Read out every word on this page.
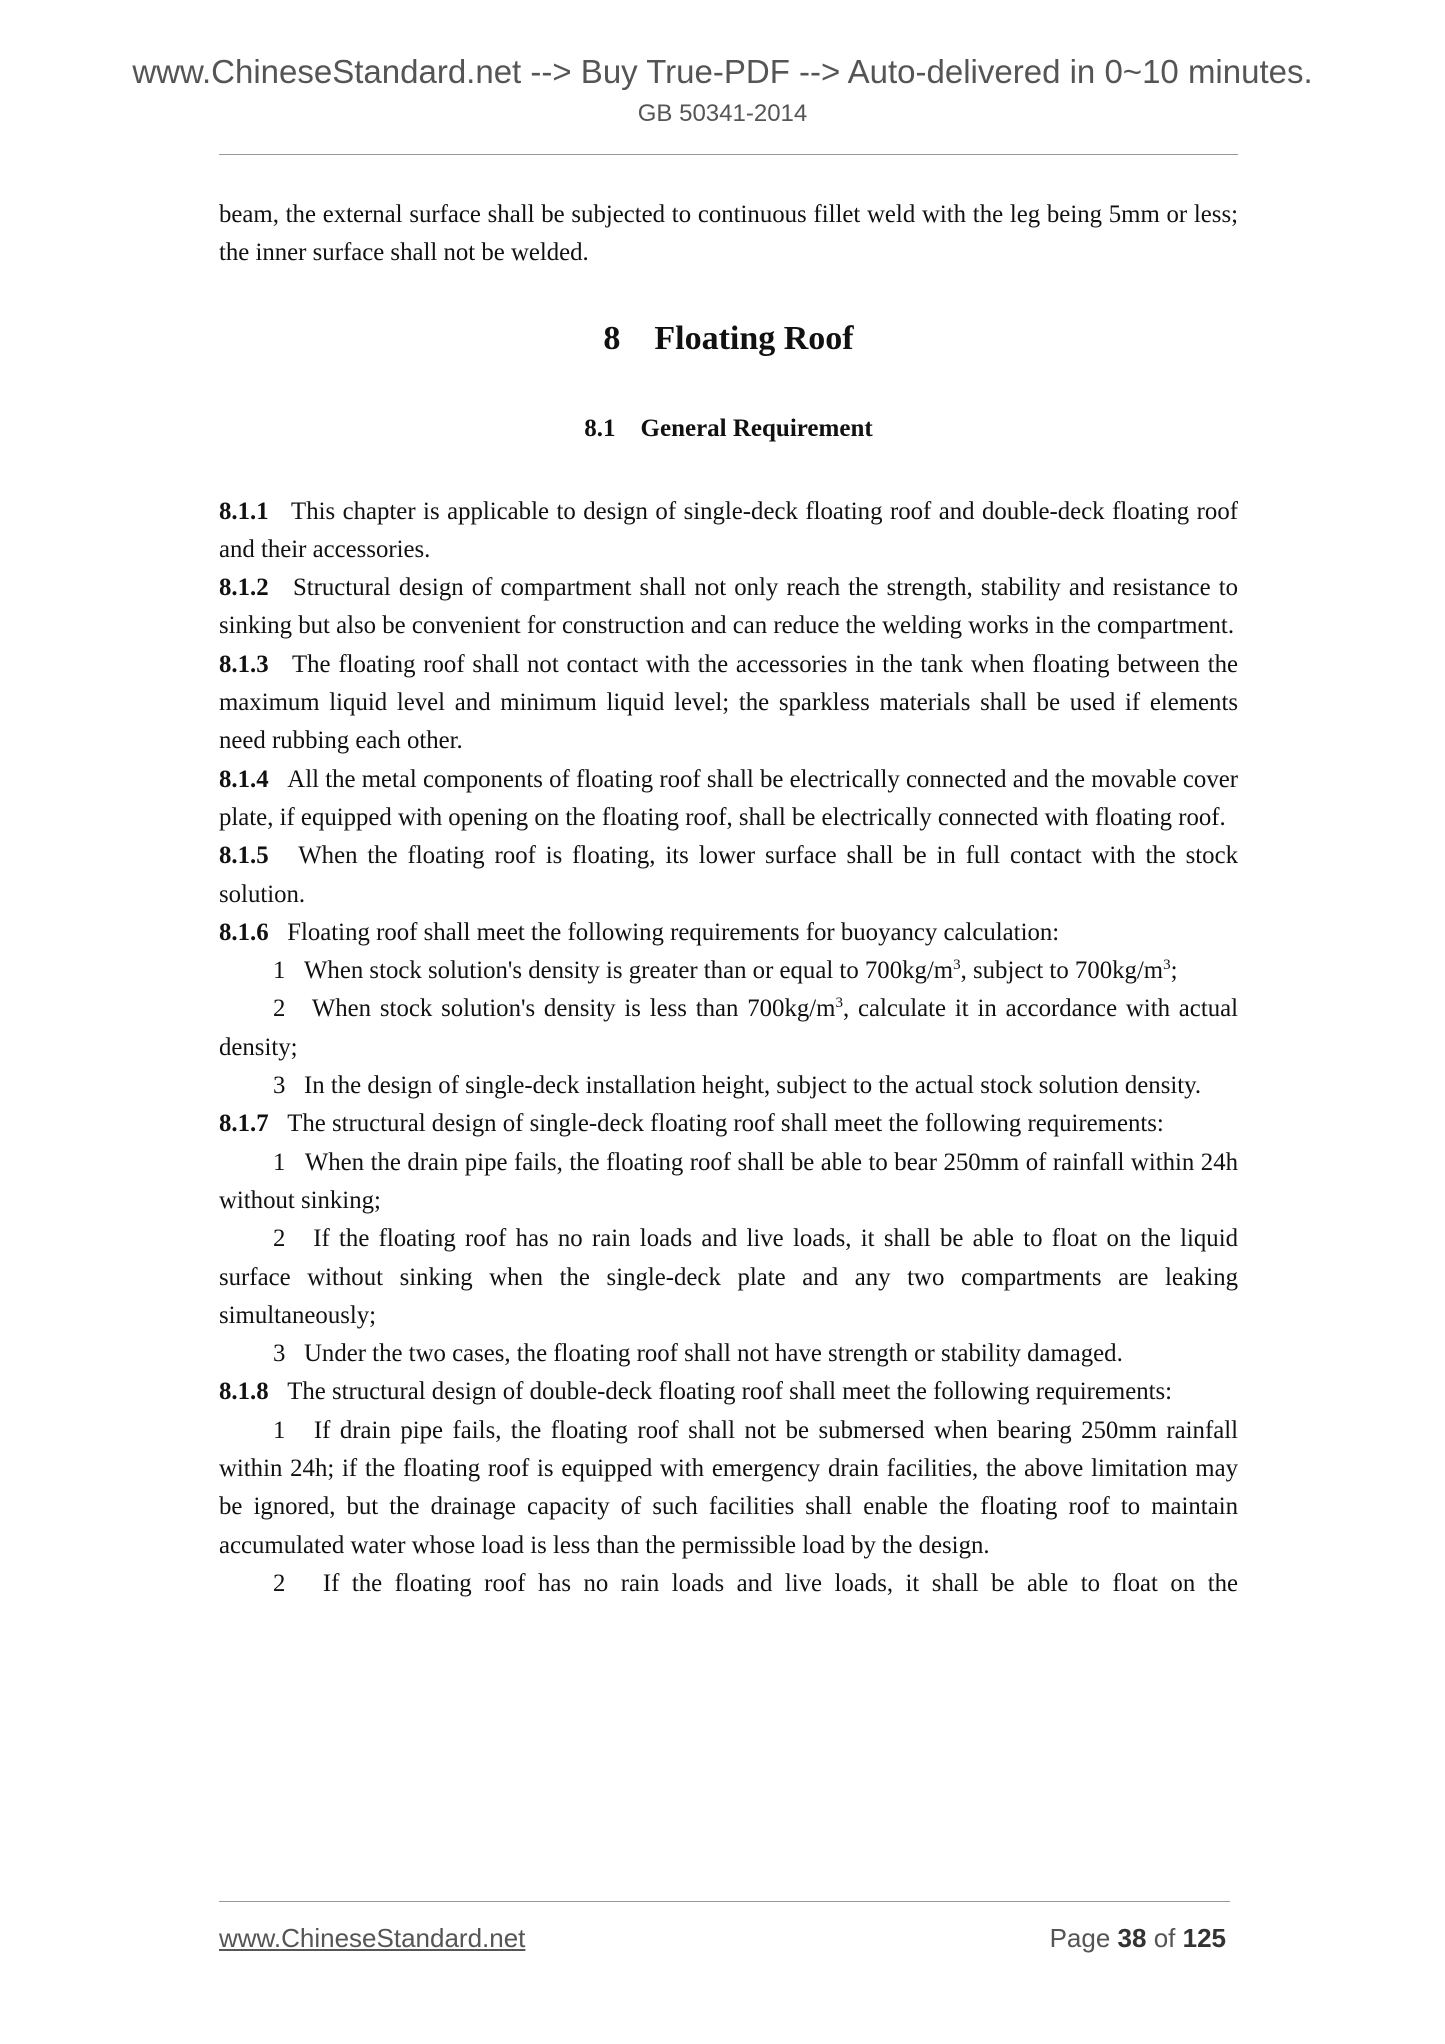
www.ChineseStandard.net --> Buy True-PDF --> Auto-delivered in 0~10 minutes.
GB 50341-2014

beam, the external surface shall be subjected to continuous fillet weld with the leg being 5mm or less; the inner surface shall not be welded.

8 Floating Roof
8.1 General Requirement

8.1.1 This chapter is applicable to design of single-deck floating roof and double-deck floating roof and their accessories.

8.1.2 Structural design of compartment shall not only reach the strength, stability and resistance to sinking but also be convenient for construction and can reduce the welding works in the compartment.

8.1.3 The floating roof shall not contact with the accessories in the tank when floating between the maximum liquid level and minimum liquid level; the sparkless materials shall be used if elements need rubbing each other.

8.1.4 All the metal components of floating roof shall be electrically connected and the movable cover plate, if equipped with opening on the floating roof, shall be electrically connected with floating roof.

8.1.5 When the floating roof is floating, its lower surface shall be in full contact with the stock solution.

8.1.6 Floating roof shall meet the following requirements for buoyancy calculation:

1 When stock solution's density is greater than or equal to $700kg/m^3$, subject to $700kg/m^3$;

2 When stock solution's density is less than $700kg/m^3$, calculate it in accordance with actual density;

3 In the design of single-deck installation height, subject to the actual stock solution density.

8.1.7 The structural design of single-deck floating roof shall meet the following requirements:

1 When the drain pipe fails, the floating roof shall be able to bear 250mm of rainfall within 24h without sinking;

2 If the floating roof has no rain loads and live loads, it shall be able to float on the liquid surface without sinking when the single-deck plate and any two compartments are leaking simultaneously;

3 Under the two cases, the floating roof shall not have strength or stability damaged.

8.1.8 The structural design of double-deck floating roof shall meet the following requirements:

1 If drain pipe fails, the floating roof shall not be submersed when bearing 250mm rainfall within 24h; if the floating roof is equipped with emergency drain facilities, the above limitation may be ignored, but the drainage capacity of such facilities shall enable the floating roof to maintain accumulated water whose load is less than the permissible load by the design.

2 If the floating roof has no rain loads and live loads, it shall be able to float on the

www.ChineseStandard.net	Page 38 of 125
